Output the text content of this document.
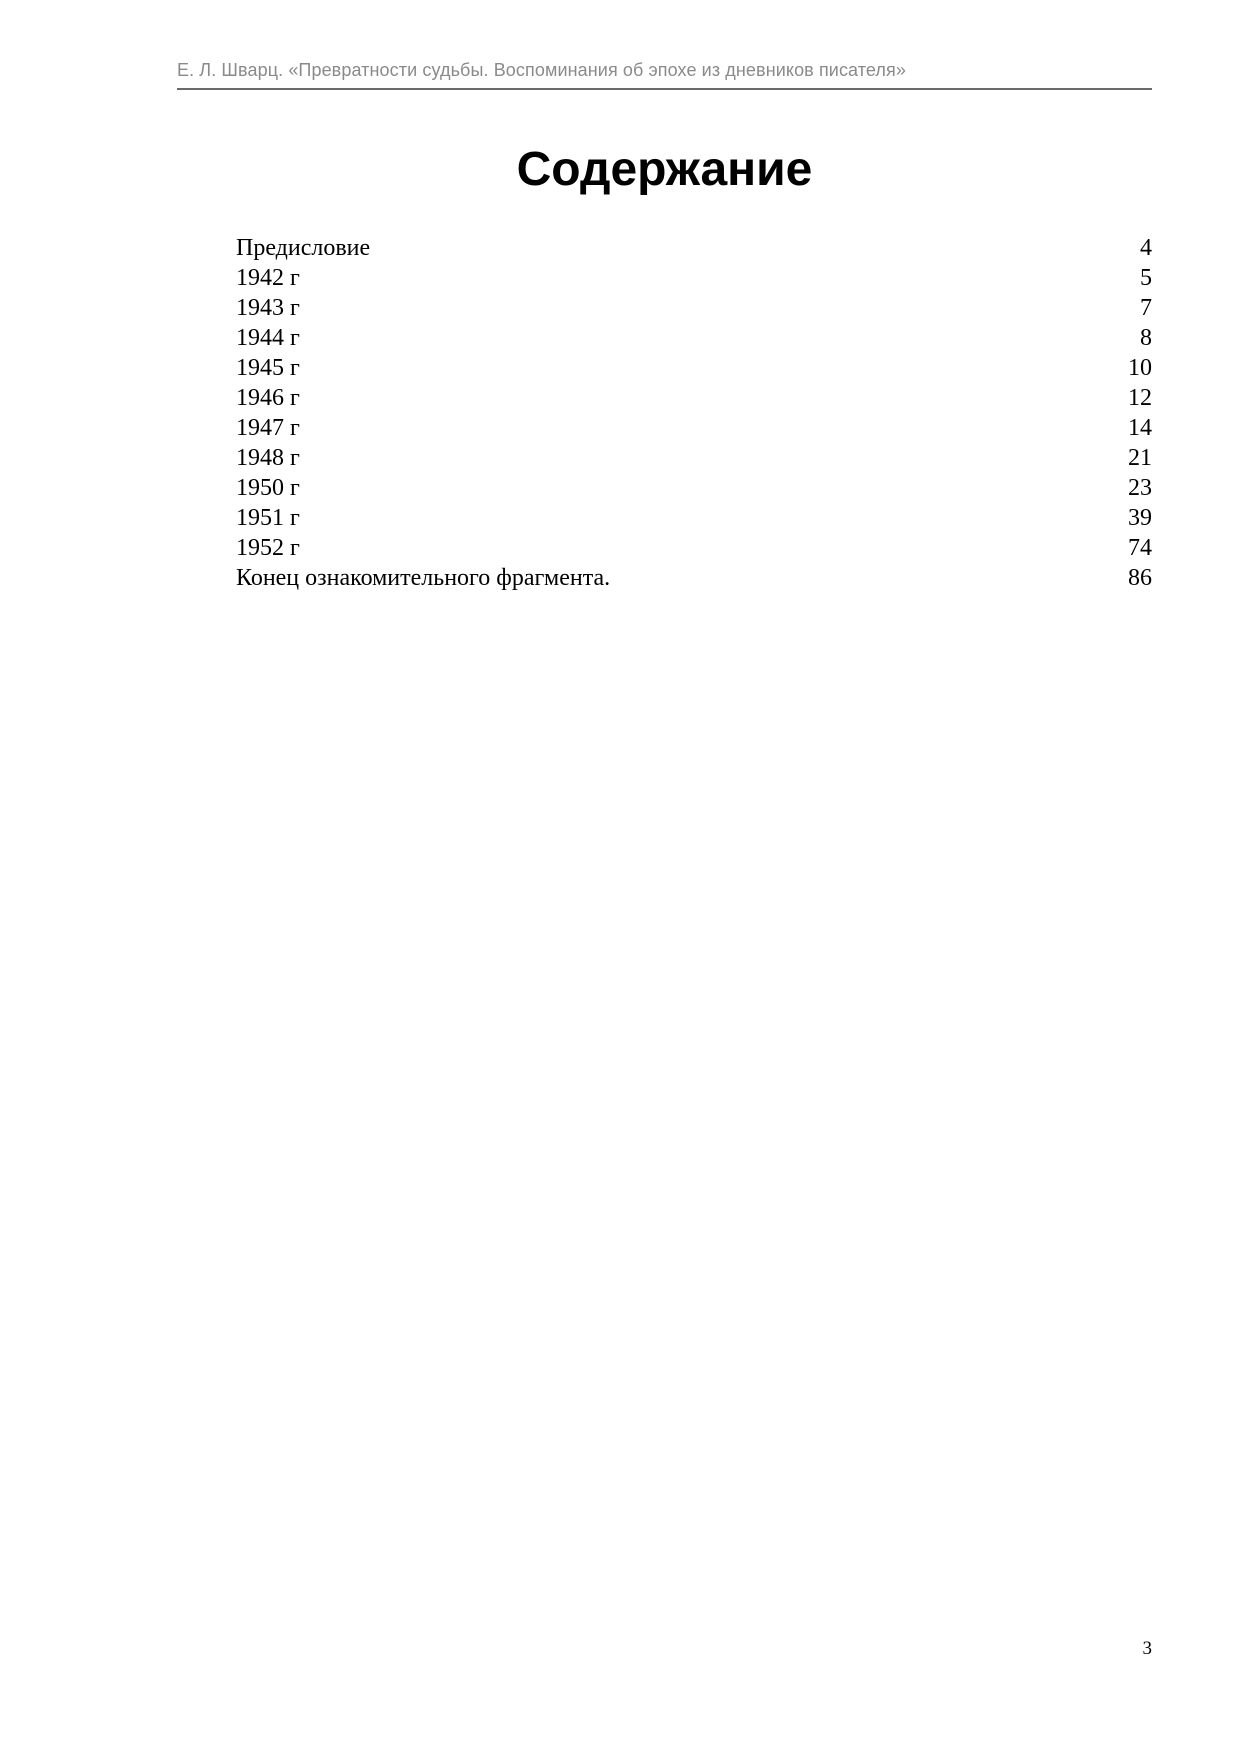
Е. Л. Шварц. «Превратности судьбы. Воспоминания об эпохе из дневников писателя»
Содержание
Предисловие	4
1942 г	5
1943 г	7
1944 г	8
1945 г	10
1946 г	12
1947 г	14
1948 г	21
1950 г	23
1951 г	39
1952 г	74
Конец ознакомительного фрагмента.	86
3
